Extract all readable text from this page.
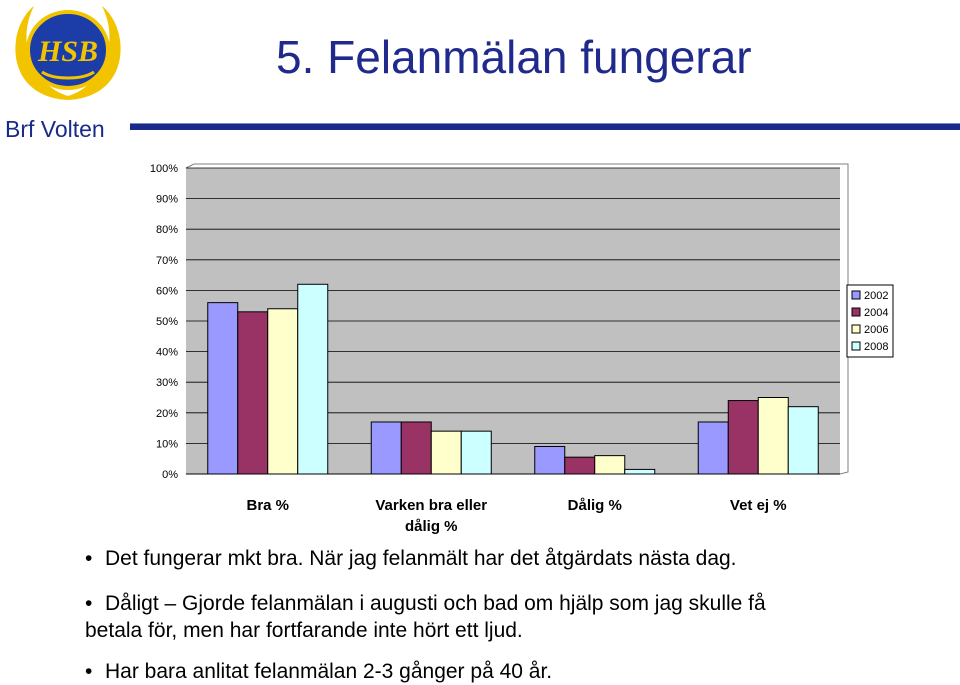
HSB
Brf Volten
5. Felanmälan fungerar
0%
10%
20%
30%
40%
50%
60%
70%
80%
90%
100%
Bra %	Varken bra eller dålig %
Dålig %	Vet ej %
2002
2004
2006
2008
• Det fungerar mkt bra. När jag felanmält har det åtgärdats nästa dag.
• Dåligt – Gjorde felanmälan i augusti och bad om hjälp som jag skulle få
betala för, men har fortfarande inte hört ett ljud.
• Har bara anlitat felanmälan 2-3 gånger på 40 år.
